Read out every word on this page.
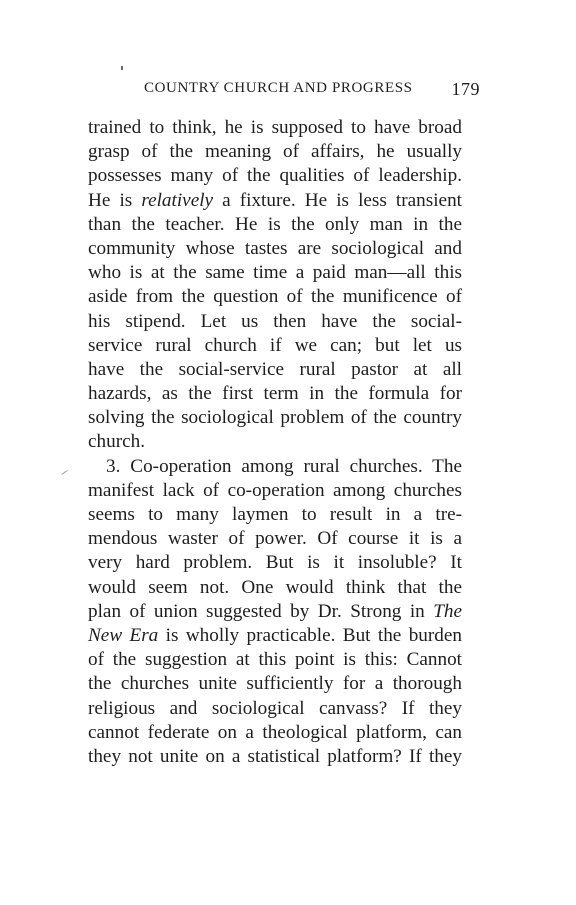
COUNTRY CHURCH AND PROGRESS 179
trained to think, he is supposed to have broad
grasp of the meaning of affairs, he usually
possesses many of the qualities of leadership.
He is relatively a fixture. He is less transient
than the teacher. He is the only man in the
community whose tastes are sociological and
who is at the same time a paid man—all this
aside from the question of the munificence of
his stipend. Let us then have the social-
service rural church if we can; but let us
have the social-service rural pastor at all
hazards, as the first term in the formula for
solving the sociological problem of the country
church.
3. Co-operation among rural churches. The
manifest lack of co-operation among churches
seems to many laymen to result in a tre-
mendous waster of power. Of course it is a
very hard problem. But is it insoluble? It
would seem not. One would think that the
plan of union suggested by Dr. Strong in The
New Era is wholly practicable. But the burden
of the suggestion at this point is this: Cannot
the churches unite sufficiently for a thorough
religious and sociological canvass? If they
cannot federate on a theological platform, can
they not unite on a statistical platform? If they
